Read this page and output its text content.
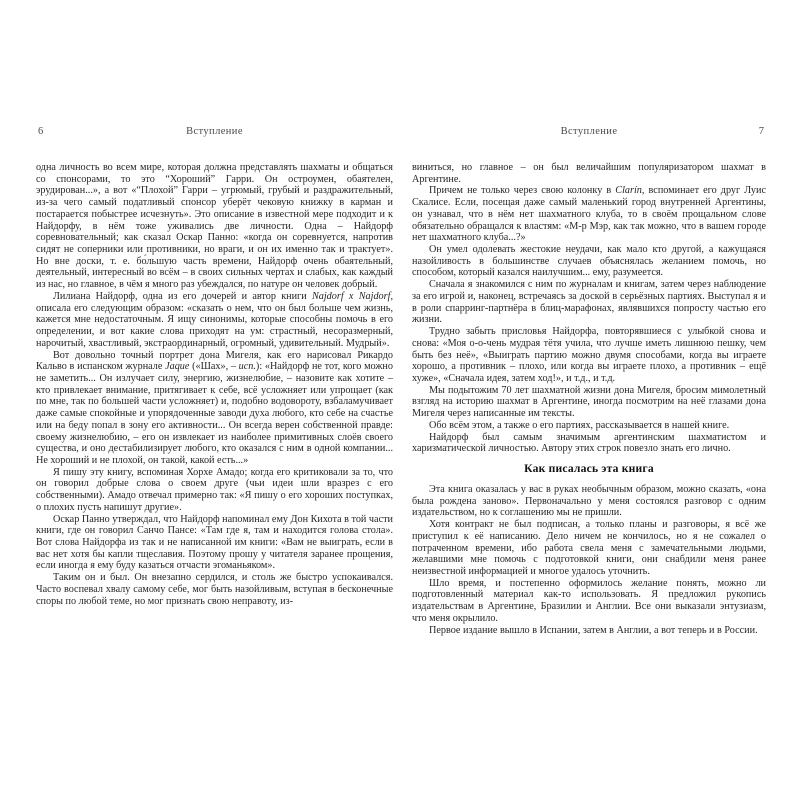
6	Вступление

одна личность во всем мире, которая должна представлять шахматы и общаться со спонсорами, то это “Хороший” Гарри. Он остроумен, обаятелен, эрудирован...», а вот «“Плохой” Гарри – угрюмый, грубый и раздражительный, из-за чего самый податливый спонсор уберёт чековую книжку в карман и постарается побыстрее исчезнуть». Это описание в известной мере подходит и к Найдорфу, в нём тоже уживались две личности. Одна – Найдорф соревновательный; как сказал Оскар Панно: «когда он соревнуется, напротив сидят не соперники или противники, но враги, и он их именно так и трактует». Но вне доски, т. е. бо́льшую часть времени, Найдорф очень обаятельный, деятельный, интересный во всём – в своих сильных чертах и слабых, как каждый из нас, но главное, в чём я много раз убеждался, по натуре он человек добрый.

Лилиана Найдорф, одна из его дочерей и автор книги Najdorf x Najdorf, описала его следующим образом: «сказать о нем, что он был больше чем жизнь, кажется мне недостаточным. Я ищу синонимы, которые способны помочь в его определении, и вот какие слова приходят на ум: страстный, несоразмерный, нарочитый, хвастливый, экстраординарный, огромный, удивительный. Мудрый».

Вот довольно точный портрет дона Мигеля, как его нарисовал Рикардо Кальво в испанском журнале Jaque («Шах», – исп.): «Найдорф не тот, кого можно не заметить... Он излучает силу, энергию, жизнелюбие, – назовите как хотите – кто привлекает внимание, притягивает к себе, всё усложняет или упрощает (как по мне, так по большей части усложняет) и, подобно водовороту, взбаламучивает даже самые спокойные и упорядоченные заводи духа любого, кто себе на счастье или на беду попал в зону его активности... Он всегда верен собственной правде: своему жизнелюбию, – его он извлекает из наиболее примитивных слоёв своего существа, и оно дестабилизирует любого, кто оказался с ним в одной компании... Не хороший и не плохой, он такой, какой есть...»

Я пишу эту книгу, вспоминая Хорхе Амадо; когда его критиковали за то, что он говорил добрые слова о своем друге (чьи идеи шли вразрез с его собственными). Амадо отвечал примерно так: «Я пишу о его хороших поступках, о плохих пусть напишут другие».

Оскар Панно утверждал, что Найдорф напоминал ему Дон Кихота в той части книги, где он говорил Санчо Пансе: «Там где я, там и находится голова стола». Вот слова Найдорфа из так и не написанной им книги: «Вам не выиграть, если в вас нет хотя бы капли тщеславия. Поэтому прошу у читателя заранее прощения, если иногда я ему буду казаться отчасти эгоманьяком».

Таким он и был. Он внезапно сердился, и столь же быстро успокаивался. Часто воспевал хвалу самому себе, мог быть назойливым, вступая в бесконечные споры по любой теме, но мог признать свою неправоту, из-

Вступление	7

виниться, но главное – он был величайшим популяризатором шахмат в Аргентине.

Причем не только через свою колонку в Clarín, вспоминает его друг Луис Скалисе. Если, посещая даже самый маленький город внутренней Аргентины, он узнавал, что в нём нет шахматного клуба, то в своём прощальном слове обязательно обращался к властям: «М-р Мэр, как так можно, что в вашем городе нет шахматного клуба...?»

Он умел одолевать жестокие неудачи, как мало кто другой, а кажущаяся назойливость в большинстве случаев объяснялась желанием помочь, но способом, который казался наилучшим... ему, разумеется.

Сначала я знакомился с ним по журналам и книгам, затем через наблюдение за его игрой и, наконец, встречаясь за доской в серьёзных партиях. Выступал я и в роли спарринг-партнёра в блиц-марафонах, являвшихся попросту частью его жизни.

Трудно забыть присловья Найдорфа, повторявшиеся с улыбкой снова и снова: «Моя о-о-чень мудрая тётя учила, что лучше иметь лишнюю пешку, чем быть без неё», «Выиграть партию можно двумя способами, когда вы играете хорошо, а противник – плохо, или когда вы играете плохо, а противник – ещё хуже», «Сначала идея, затем ход!», и т.д., и т.д.

Мы подытожим 70 лет шахматной жизни дона Мигеля, бросим мимолетный взгляд на историю шахмат в Аргентине, иногда посмотрим на неё глазами дона Мигеля через написанные им тексты.

Обо всём этом, а также о его партиях, рассказывается в нашей книге.

Найдорф был самым значимым аргентинским шахматистом и харизматической личностью. Автору этих строк повезло знать его лично.

Как писалась эта книга

Эта книга оказалась у вас в руках необычным образом, можно сказать, «она была рождена заново». Первоначально у меня состоялся разговор с одним издательством, но к соглашению мы не пришли.

Хотя контракт не был подписан, а только планы и разговоры, я всё же приступил к её написанию. Дело ничем не кончилось, но я не сожалел о потраченном времени, ибо работа свела меня с замечательными людьми, желавшими мне помочь с подготовкой книги, они снабдили меня ранее неизвестной информацией и многое удалось уточнить.

Шло время, и постепенно оформилось желание понять, можно ли подготовленный материал как-то использовать. Я предложил рукопись издательствам в Аргентине, Бразилии и Англии. Все они выказали энтузиазм, что меня окрылило.

Первое издание вышло в Испании, затем в Англии, а вот теперь и в России.
